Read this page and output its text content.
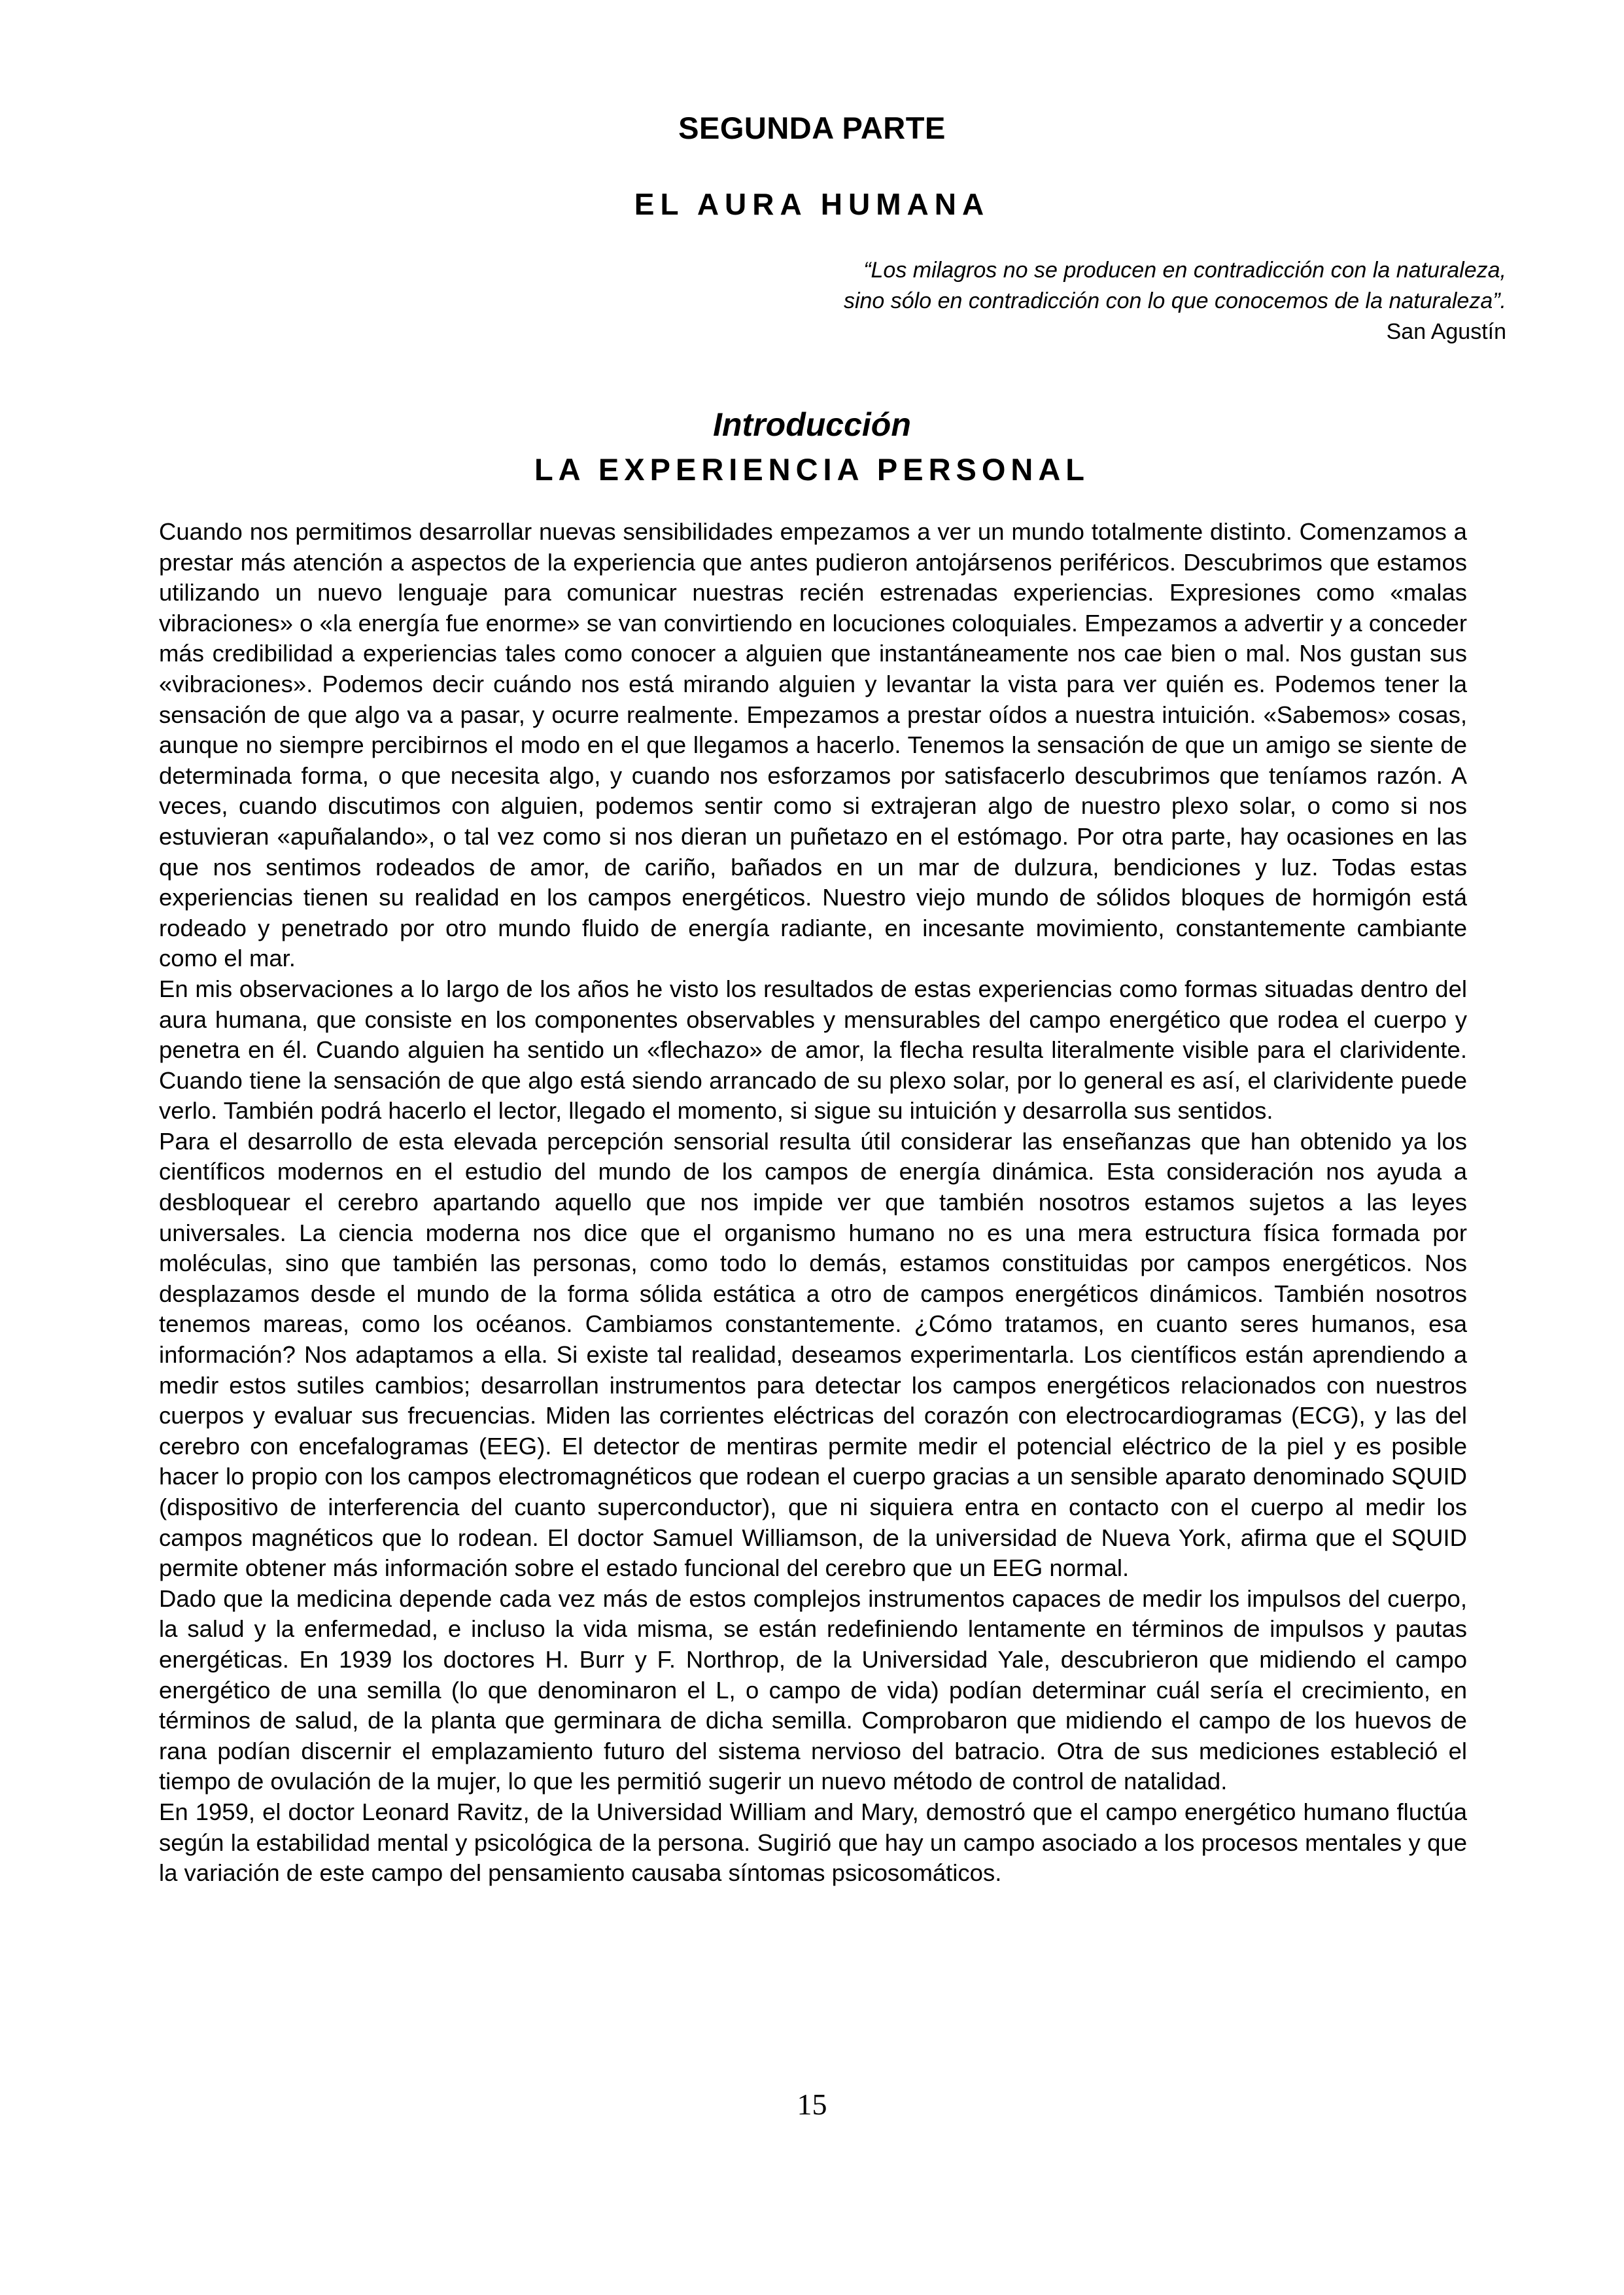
SEGUNDA PARTE
EL AURA HUMANA
“Los milagros no se producen en contradicción con la naturaleza,
sino sólo en contradicción con lo que conocemos de la naturaleza”.
San Agustín
Introducción
LA EXPERIENCIA PERSONAL

Cuando nos permitimos desarrollar nuevas sensibilidades empezamos a ver un mundo totalmente distinto. Comenzamos a prestar más atención a aspectos de la experiencia que antes pudieron antojársenos periféricos. Descubrimos que estamos utilizando un nuevo lenguaje para comunicar nuestras recién estrenadas experiencias. Expresiones como «malas vibraciones» o «la energía fue enorme» se van convirtiendo en locuciones coloquiales. Empezamos a advertir y a conceder más credibilidad a experiencias tales como conocer a alguien que instantáneamente nos cae bien o mal. Nos gustan sus «vibraciones». Podemos decir cuándo nos está mirando alguien y levantar la vista para ver quién es. Podemos tener la sensación de que algo va a pasar, y ocurre realmente. Empezamos a prestar oídos a nuestra intuición. «Sabemos» cosas, aunque no siempre percibirnos el modo en el que llegamos a hacerlo. Tenemos la sensación de que un amigo se siente de determinada forma, o que necesita algo, y cuando nos esforzamos por satisfacerlo descubrimos que teníamos razón. A veces, cuando discutimos con alguien, podemos sentir como si extrajeran algo de nuestro plexo solar, o como si nos estuvieran «apuñalando», o tal vez como si nos dieran un puñetazo en el estómago. Por otra parte, hay ocasiones en las que nos sentimos rodeados de amor, de cariño, bañados en un mar de dulzura, bendiciones y luz. Todas estas experiencias tienen su realidad en los campos energéticos. Nuestro viejo mundo de sólidos bloques de hormigón está rodeado y penetrado por otro mundo fluido de energía radiante, en incesante movimiento, constantemente cambiante como el mar.

En mis observaciones a lo largo de los años he visto los resultados de estas experiencias como formas situadas dentro del aura humana, que consiste en los componentes observables y mensurables del campo energético que rodea el cuerpo y penetra en él. Cuando alguien ha sentido un «flechazo» de amor, la flecha resulta literalmente visible para el clarividente. Cuando tiene la sensación de que algo está siendo arrancado de su plexo solar, por lo general es así, el clarividente puede verlo. También podrá hacerlo el lector, llegado el momento, si sigue su intuición y desarrolla sus sentidos.

Para el desarrollo de esta elevada percepción sensorial resulta útil considerar las enseñanzas que han obtenido ya los científicos modernos en el estudio del mundo de los campos de energía dinámica. Esta consideración nos ayuda a desbloquear el cerebro apartando aquello que nos impide ver que también nosotros estamos sujetos a las leyes universales. La ciencia moderna nos dice que el organismo humano no es una mera estructura física formada por moléculas, sino que también las personas, como todo lo demás, estamos constituidas por campos energéticos. Nos desplazamos desde el mundo de la forma sólida estática a otro de campos energéticos dinámicos. También nosotros tenemos mareas, como los océanos. Cambiamos constantemente. ¿Cómo tratamos, en cuanto seres humanos, esa información? Nos adaptamos a ella. Si existe tal realidad, deseamos experimentarla. Los científicos están aprendiendo a medir estos sutiles cambios; desarrollan instrumentos para detectar los campos energéticos relacionados con nuestros cuerpos y evaluar sus frecuencias. Miden las corrientes eléctricas del corazón con electrocardiogramas (ECG), y las del cerebro con encefalogramas (EEG). El detector de mentiras permite medir el potencial eléctrico de la piel y es posible hacer lo propio con los campos electromagnéticos que rodean el cuerpo gracias a un sensible aparato denominado SQUID (dispositivo de interferencia del cuanto superconductor), que ni siquiera entra en contacto con el cuerpo al medir los campos magnéticos que lo rodean. El doctor Samuel Williamson, de la universidad de Nueva York, afirma que el SQUID permite obtener más información sobre el estado funcional del cerebro que un EEG normal.

Dado que la medicina depende cada vez más de estos complejos instrumentos capaces de medir los impulsos del cuerpo, la salud y la enfermedad, e incluso la vida misma, se están redefiniendo lentamente en términos de impulsos y pautas energéticas. En 1939 los doctores H. Burr y F. Northrop, de la Universidad Yale, descubrieron que midiendo el campo energético de una semilla (lo que denominaron el L, o campo de vida) podían determinar cuál sería el crecimiento, en términos de salud, de la planta que germinara de dicha semilla. Comprobaron que midiendo el campo de los huevos de rana podían discernir el emplazamiento futuro del sistema nervioso del batracio. Otra de sus mediciones estableció el tiempo de ovulación de la mujer, lo que les permitió sugerir un nuevo método de control de natalidad.

En 1959, el doctor Leonard Ravitz, de la Universidad William and Mary, demostró que el campo energético humano fluctúa según la estabilidad mental y psicológica de la persona. Sugirió que hay un campo asociado a los procesos mentales y que la variación de este campo del pensamiento causaba síntomas psicosomáticos.

15
